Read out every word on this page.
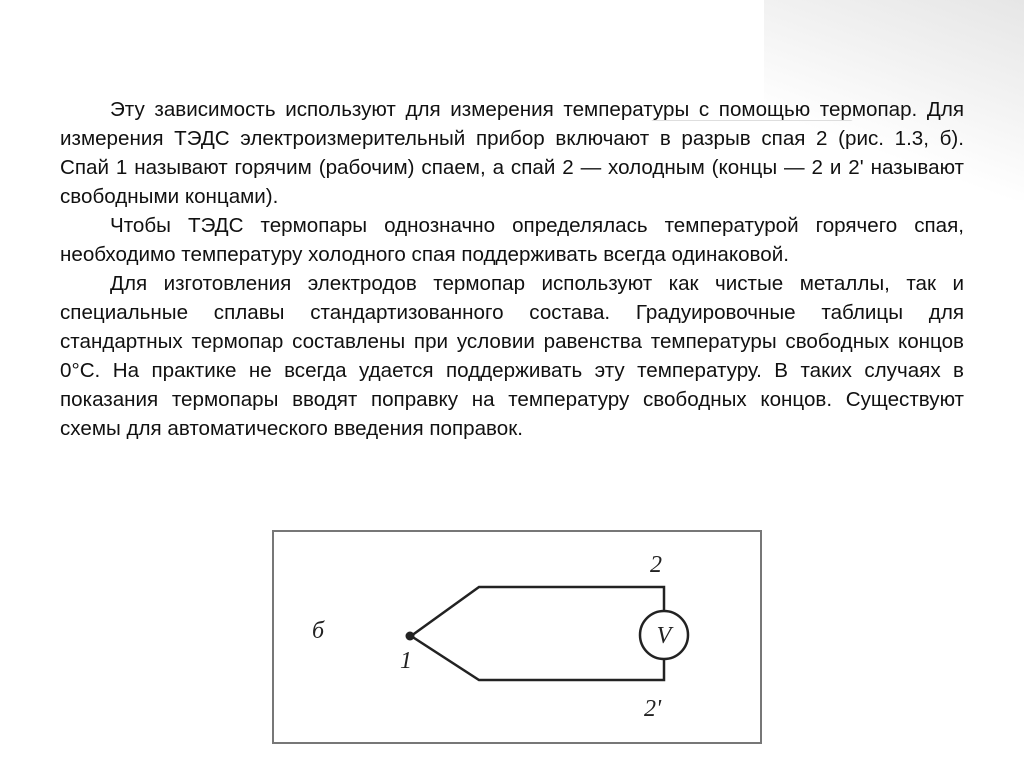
Эту зависимость используют для измерения температуры с помощью термопар. Для измерения ТЭДС электроизмерительный прибор включают в разрыв спая 2 (рис. 1.3, б). Спай 1 называют горячим (рабочим) спаем, а спай 2 — холодным (концы — 2 и 2' называют свободными концами).

Чтобы ТЭДС термопары однозначно определялась температурой горячего спая, необходимо температуру холодного спая поддерживать всегда одинаковой.

Для изготовления электродов термопар используют как чистые металлы, так и специальные сплавы стандартизованного состава. Градуировочные таблицы для стандартных термопар составлены при условии равенства температуры свободных концов 0°С. На практике не всегда удается поддерживать эту температуру. В таких случаях в показания термопары вводят поправку на температуру свободных концов. Существуют схемы для автоматического введения поправок.

V
б
1
2
2'
